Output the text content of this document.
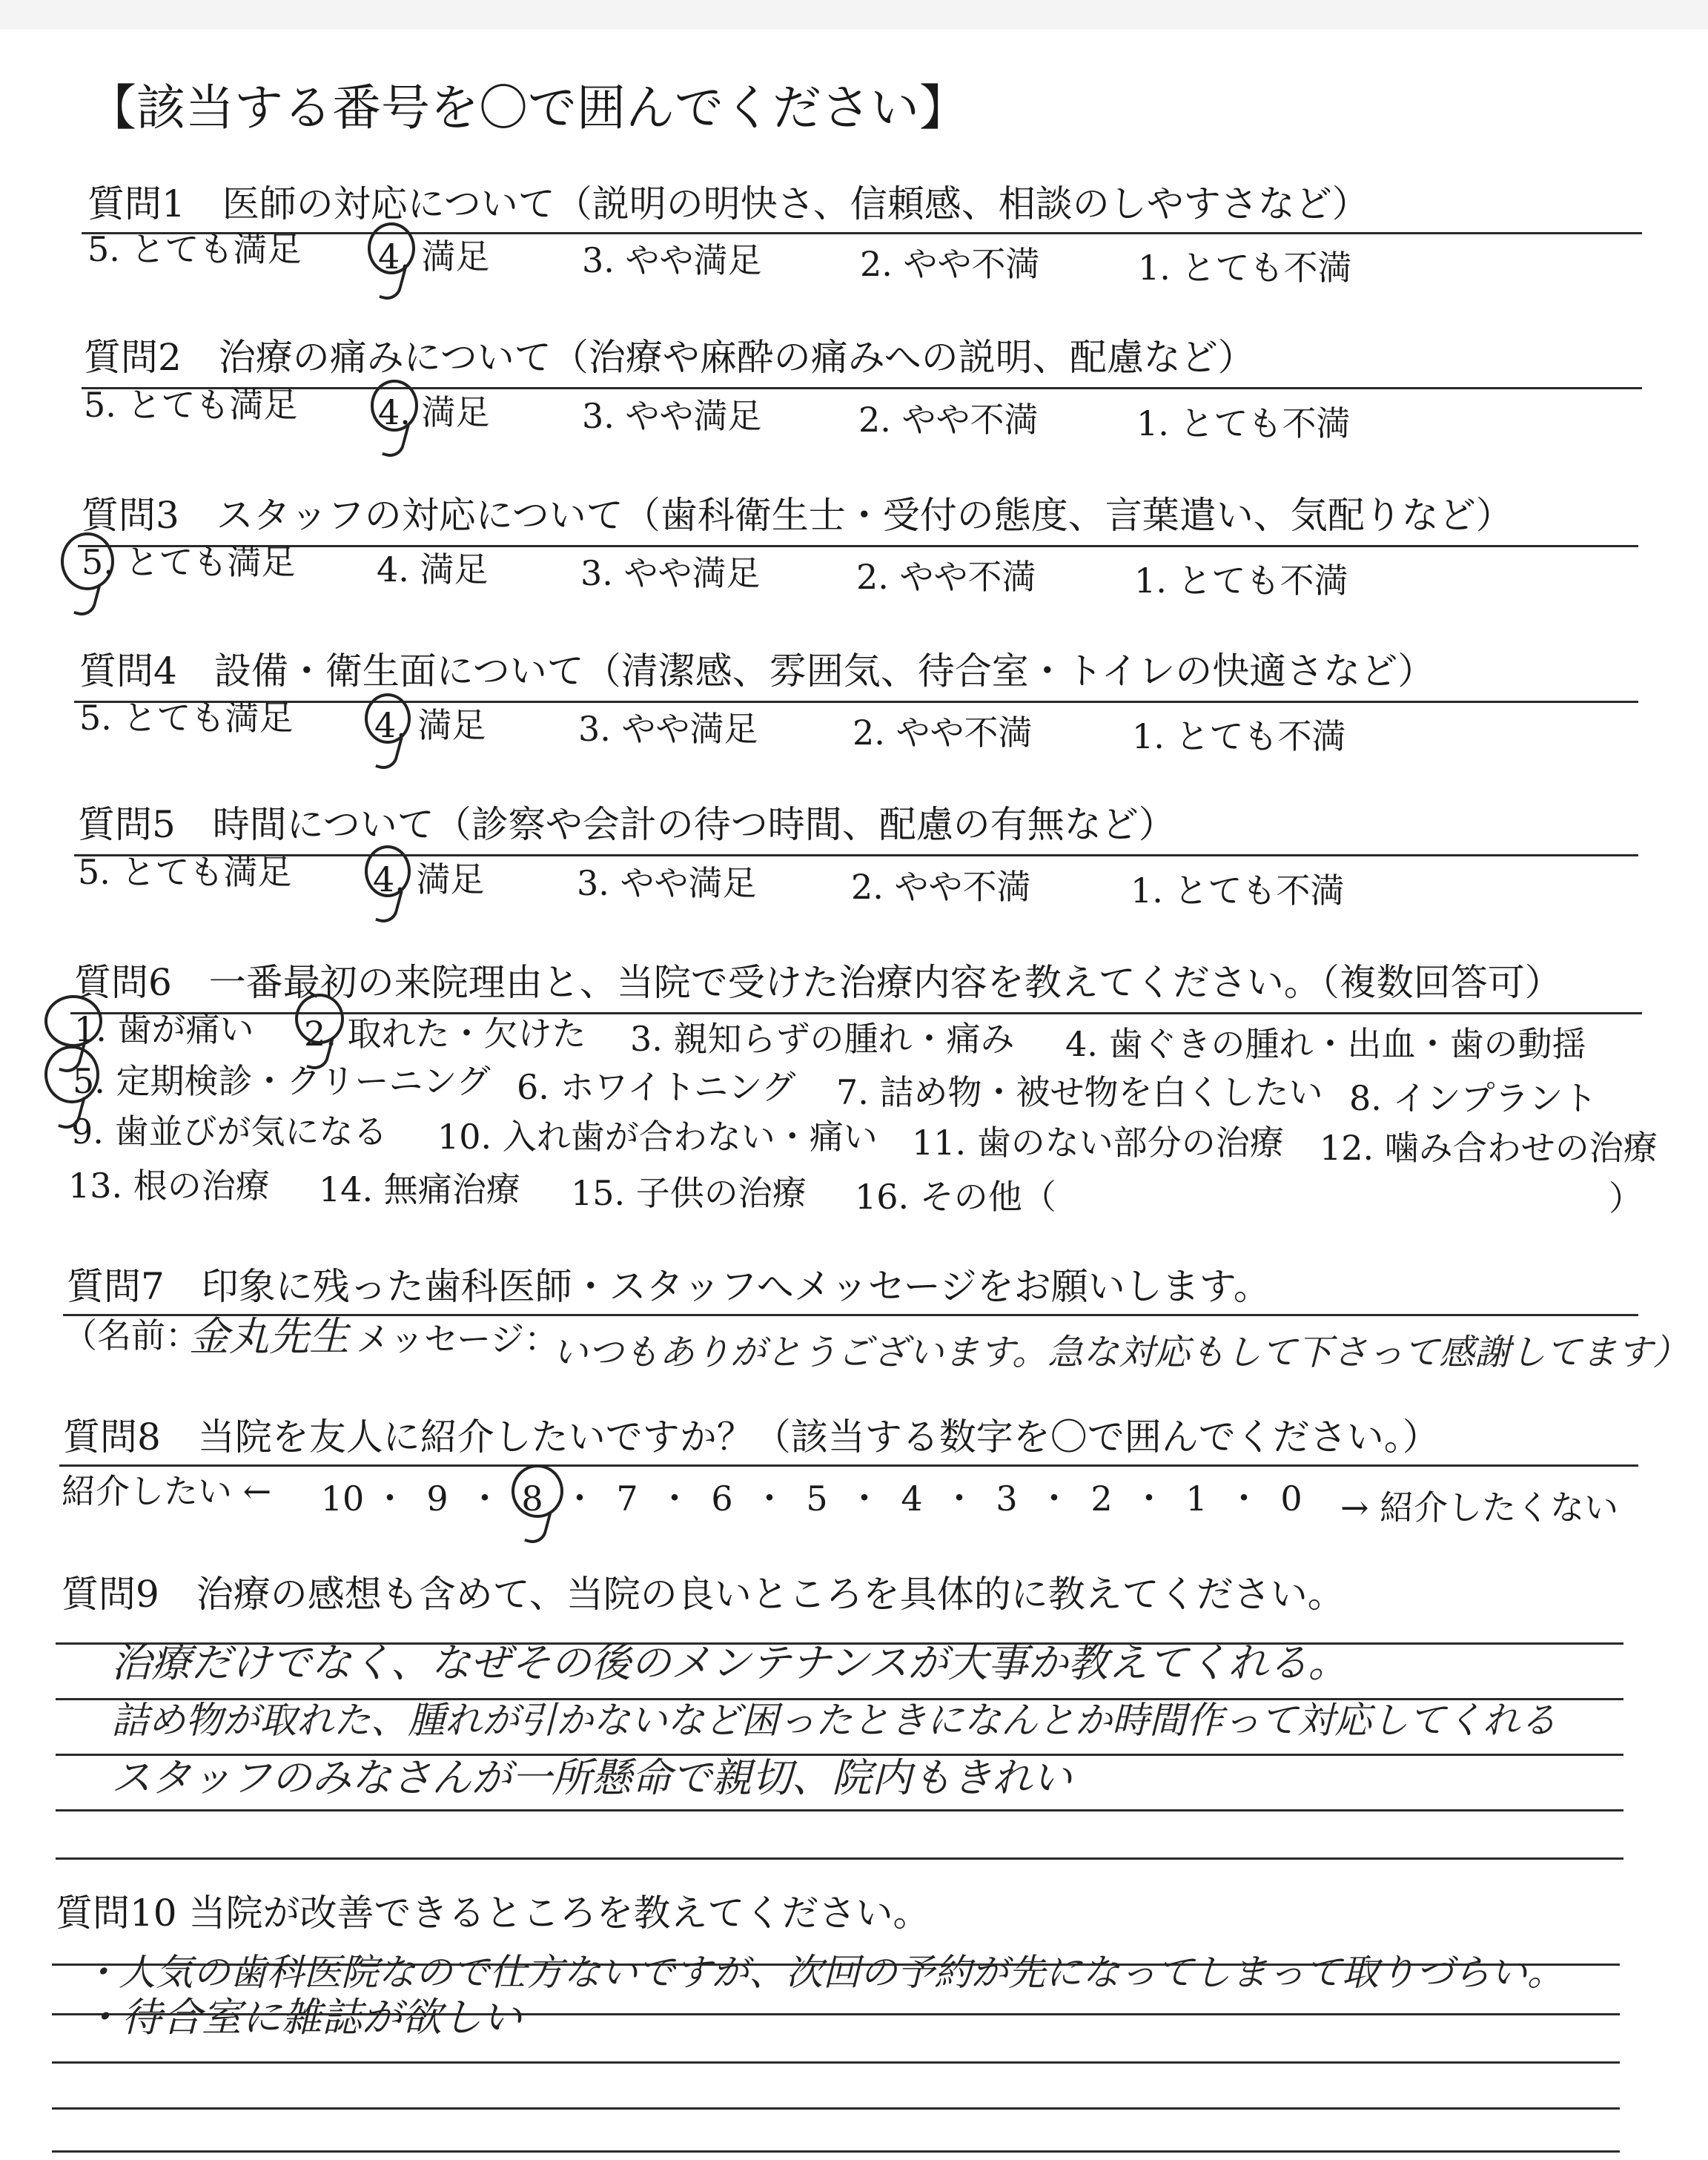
【該当する番号を〇で囲んでください】
質問1　医師の対応について（説明の明快さ、信頼感、相談のしやすさなど）
5. とても満足 4. 満足	3. やや満足	2. やや不満	1. とても不満
質問2　治療の痛みについて（治療や麻酔の痛みへの説明、配慮など）
5. とても満足 4. 満足	3. やや満足	2. やや不満	1. とても不満
質問3　スタッフの対応について（歯科衛生士・受付の態度、言葉遣い、気配りなど）
5. とても満足 4. 満足	3. やや満足	2. やや不満	1. とても不満
質問4　設備・衛生面について（清潔感、雰囲気、待合室・トイレの快適さなど）
5. とても満足 4. 満足	3. やや満足	2. やや不満	1. とても不満
質問5　時間について（診察や会計の待つ時間、配慮の有無など）
5. とても満足 4. 満足	3. やや満足	2. やや不満	1. とても不満
質問6　一番最初の来院理由と、当院で受けた治療内容を教えてください。（複数回答可）
1. 歯が痛い 2. 取れた・欠けた 3. 親知らずの腫れ・痛み 4. 歯ぐきの腫れ・出血・歯の動揺
5. 定期検診・クリーニング 6. ホワイトニング 7. 詰め物・被せ物を白くしたい 8. インプラント
9. 歯並びが気になる 10. 入れ歯が合わない・痛い 11. 歯のない部分の治療 12. 噛み合わせの治療
13. 根の治療 14. 無痛治療 15. 子供の治療 16. その他（	）
質問7　印象に残った歯科医師・スタッフへメッセージをお願いします。
（名前：
金丸先生 メッセージ：
いつもありがとうございます。急な対応もして下さって感謝してます）
質問8　当院を友人に紹介したいですか？（該当する数字を〇で囲んでください。）
紹介したい ← 10 ・ 9 ・ 8 ・ 7 ・ 6 ・ 5 ・ 4 ・ 3 ・ 2 ・ 1 ・ 0	→ 紹介したくない
質問9　治療の感想も含めて、当院の良いところを具体的に教えてください。
治療だけでなく、なぜその後のメンテナンスが大事か教えてくれる。
詰め物が取れた、腫れが引かないなど困ったときになんとか時間作って対応してくれる
スタッフのみなさんが一所懸命で親切、院内もきれい
質問10 当院が改善できるところを教えてください。
・人気の歯科医院なので仕方ないですが、次回の予約が先になってしまって取りづらい。
・待合室に雑誌が欲しい
